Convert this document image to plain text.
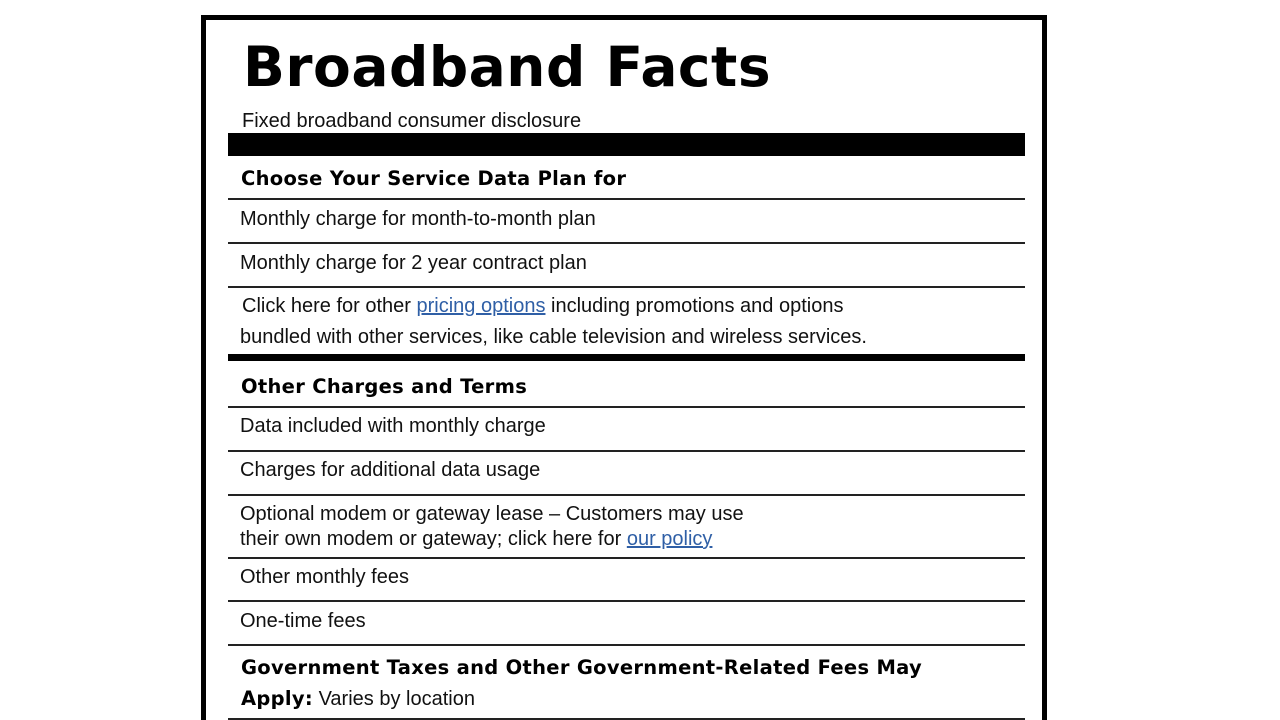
Broadband Facts
Fixed broadband consumer disclosure
Choose Your Service Data Plan for
Monthly charge for month-to-month plan
Monthly charge for 2 year contract plan
Click here for other pricing options including promotions and options
bundled with other services, like cable television and wireless services.
Other Charges and Terms
Data included with monthly charge
Charges for additional data usage
Optional modem or gateway lease – Customers may use
their own modem or gateway; click here for our policy
Other monthly fees
One-time fees
Government Taxes and Other Government-Related Fees May
Apply: Varies by location
